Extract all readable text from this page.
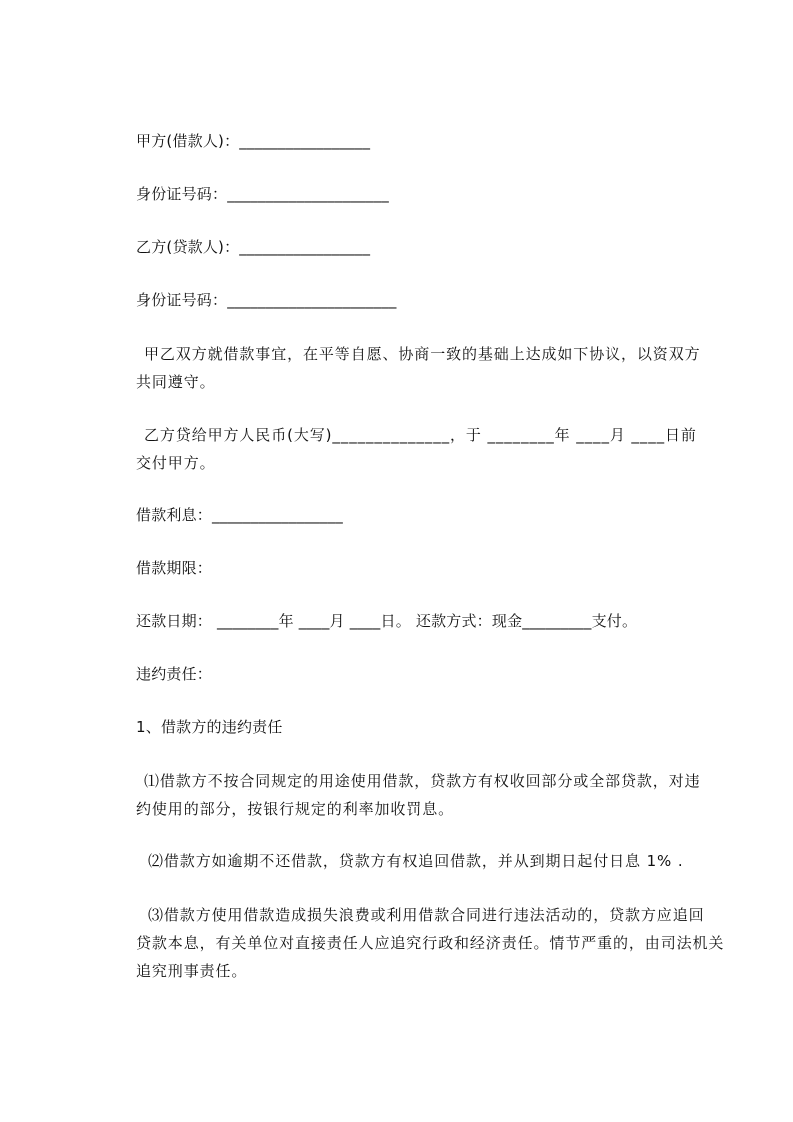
甲方(借款人)：_________________
身份证号码：_____________________
乙方(贷款人)：_________________
身份证号码：______________________
甲乙双方就借款事宜，在平等自愿、协商一致的基础上达成如下协议，以资双方
共同遵守。
乙方贷给甲方人民币(大写)______________，于 ________年 ____月 ____日前
交付甲方。
借款利息：_________________
借款期限：
还款日期： ________年 ____月 ____日。 还款方式：现金_________支付。
违约责任：
1、借款方的违约责任
⑴借款方不按合同规定的用途使用借款，贷款方有权收回部分或全部贷款，对违
约使用的部分，按银行规定的利率加收罚息。
⑵借款方如逾期不还借款，贷款方有权追回借款，并从到期日起付日息 1% .
⑶借款方使用借款造成损失浪费或利用借款合同进行违法活动的，贷款方应追回
贷款本息，有关单位对直接责任人应追究行政和经济责任。情节严重的，由司法机关
追究刑事责任。
